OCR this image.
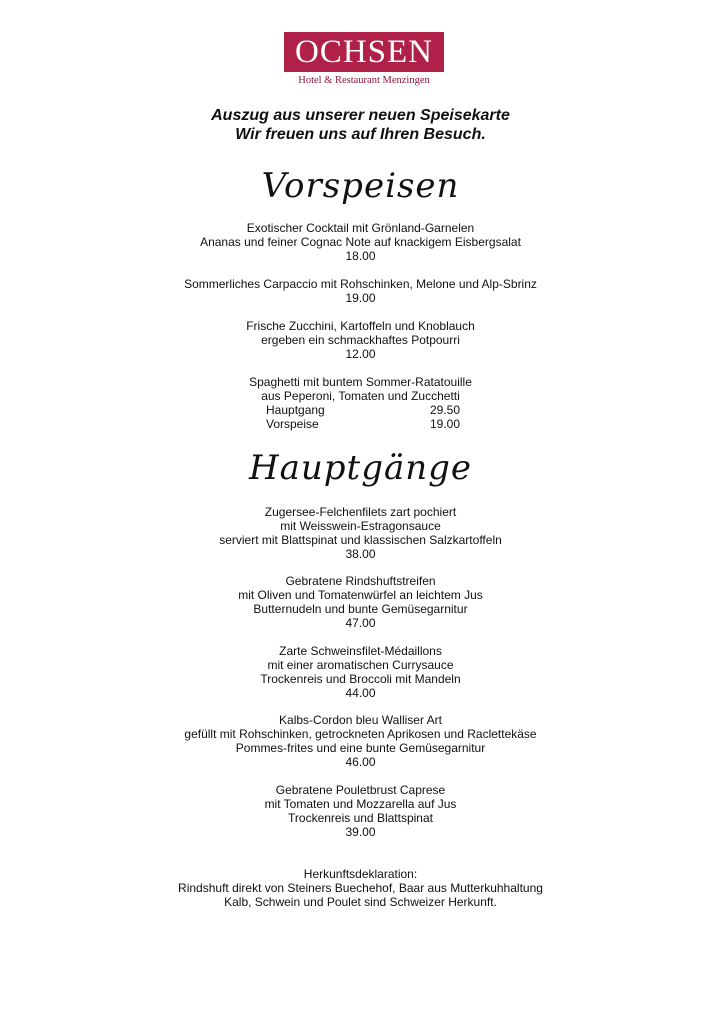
OCHSEN
Hotel & Restaurant Menzingen
Auszug aus unserer neuen Speisekarte
Wir freuen uns auf Ihren Besuch.
Vorspeisen
Exotischer Cocktail mit Grönland-Garnelen
Ananas und feiner Cognac Note auf knackigem Eisbergsalat
18.00
Sommerliches Carpaccio mit Rohschinken, Melone und Alp-Sbrinz
19.00
Frische Zucchini, Kartoffeln und Knoblauch
ergeben ein schmackhaftes Potpourri
12.00
Spaghetti mit buntem Sommer-Ratatouille
aus Peperoni, Tomaten und Zucchetti
Hauptgang	29.50
Vorspeise	19.00
Hauptgänge
Zugersee-Felchenfilets zart pochiert
mit Weisswein-Estragonsauce
serviert mit Blattspinat und klassischen Salzkartoffeln
38.00
Gebratene Rindshuftstreifen
mit Oliven und Tomatenwürfel an leichtem Jus
Butternudeln und bunte Gemüsegarnitur
47.00
Zarte Schweinsfilet-Médaillons
mit einer aromatischen Currysauce
Trockenreis und Broccoli mit Mandeln
44.00
Kalbs-Cordon bleu Walliser Art
gefüllt mit Rohschinken, getrockneten Aprikosen und Raclettekäse
Pommes-frites und eine bunte Gemüsegarnitur
46.00
Gebratene Pouletbrust Caprese
mit Tomaten und Mozzarella auf Jus
Trockenreis und Blattspinat
39.00
Herkunftsdeklaration:
Rindshuft direkt von Steiners Buechehof, Baar aus Mutterkuhhaltung
Kalb, Schwein und Poulet sind Schweizer Herkunft.
